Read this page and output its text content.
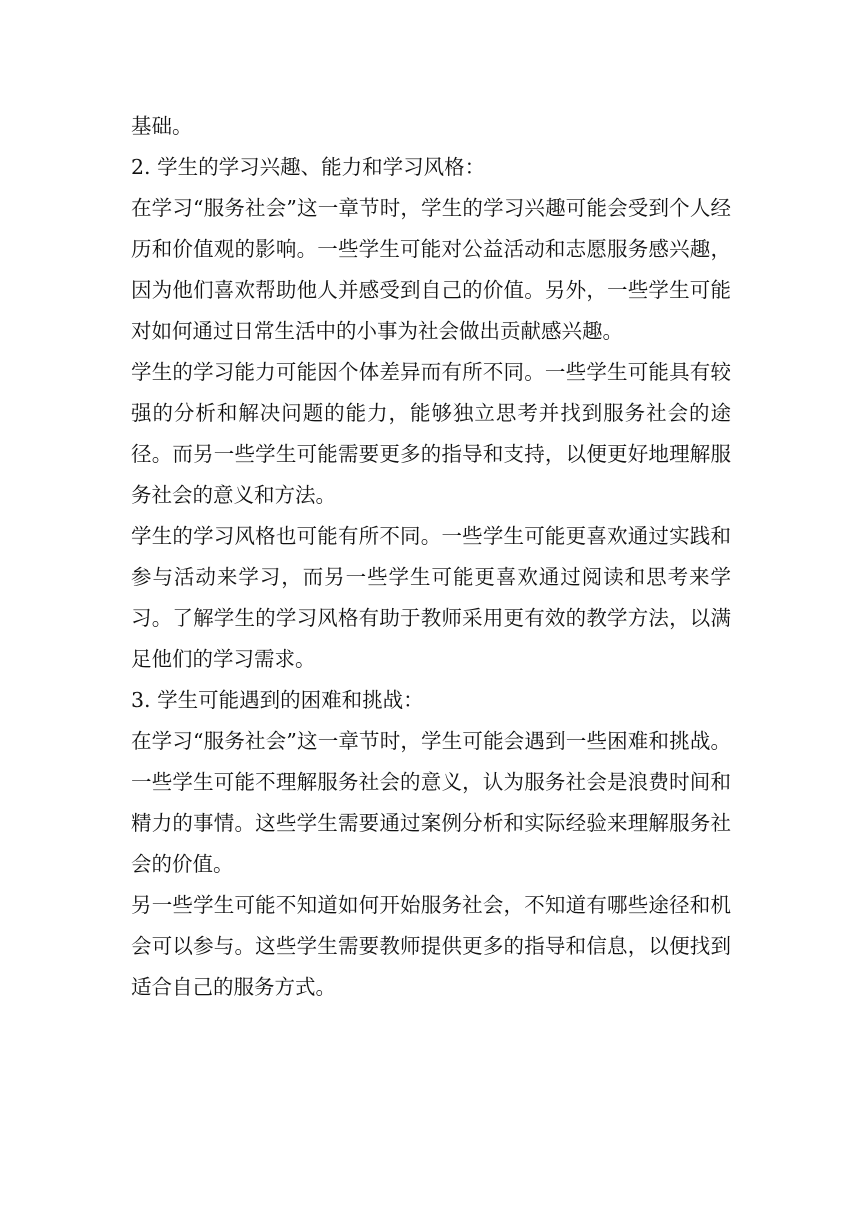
基础。

2. 学生的学习兴趣、能力和学习风格：

在学习“服务社会”这一章节时，学生的学习兴趣可能会受到个人经历和价值观的影响。一些学生可能对公益活动和志愿服务感兴趣，因为他们喜欢帮助他人并感受到自己的价值。另外，一些学生可能对如何通过日常生活中的小事为社会做出贡献感兴趣。

学生的学习能力可能因个体差异而有所不同。一些学生可能具有较强的分析和解决问题的能力，能够独立思考并找到服务社会的途径。而另一些学生可能需要更多的指导和支持，以便更好地理解服务社会的意义和方法。

学生的学习风格也可能有所不同。一些学生可能更喜欢通过实践和参与活动来学习，而另一些学生可能更喜欢通过阅读和思考来学习。了解学生的学习风格有助于教师采用更有效的教学方法，以满足他们的学习需求。

3. 学生可能遇到的困难和挑战：

在学习“服务社会”这一章节时，学生可能会遇到一些困难和挑战。一些学生可能不理解服务社会的意义，认为服务社会是浪费时间和精力的事情。这些学生需要通过案例分析和实际经验来理解服务社会的价值。

另一些学生可能不知道如何开始服务社会，不知道有哪些途径和机会可以参与。这些学生需要教师提供更多的指导和信息，以便找到适合自己的服务方式。
